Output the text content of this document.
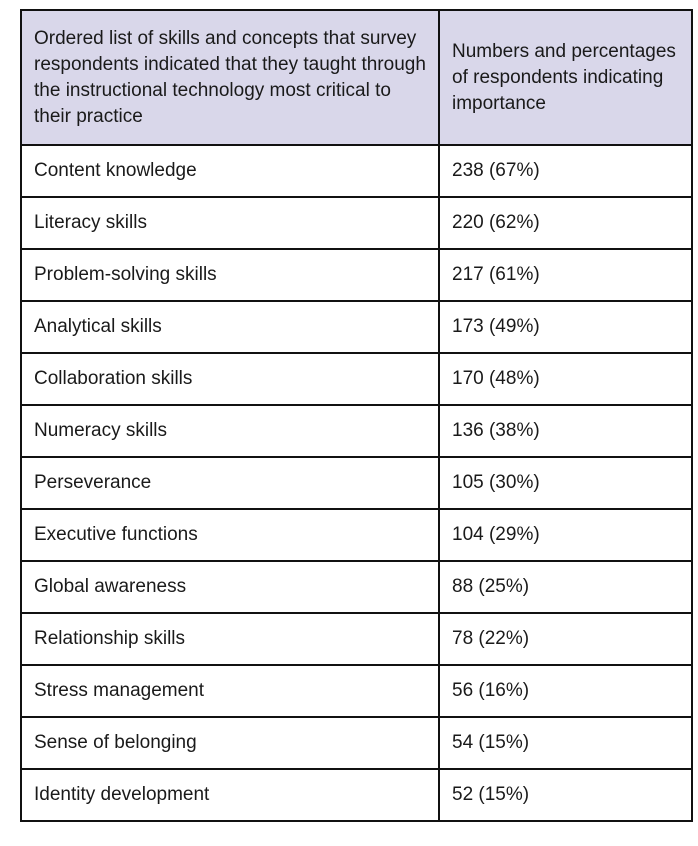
Ordered list of skills and concepts that survey respondents indicated that they taught through the instructional technology most critical to their practice	Numbers and percentages of respondents indicating importance
Content knowledge	238 (67%)
Literacy skills	220 (62%)
Problem-solving skills	217 (61%)
Analytical skills	173 (49%)
Collaboration skills	170 (48%)
Numeracy skills	136 (38%)
Perseverance	105 (30%)
Executive functions	104 (29%)
Global awareness	88 (25%)
Relationship skills	78 (22%)
Stress management	56 (16%)
Sense of belonging	54 (15%)
Identity development	52 (15%)
